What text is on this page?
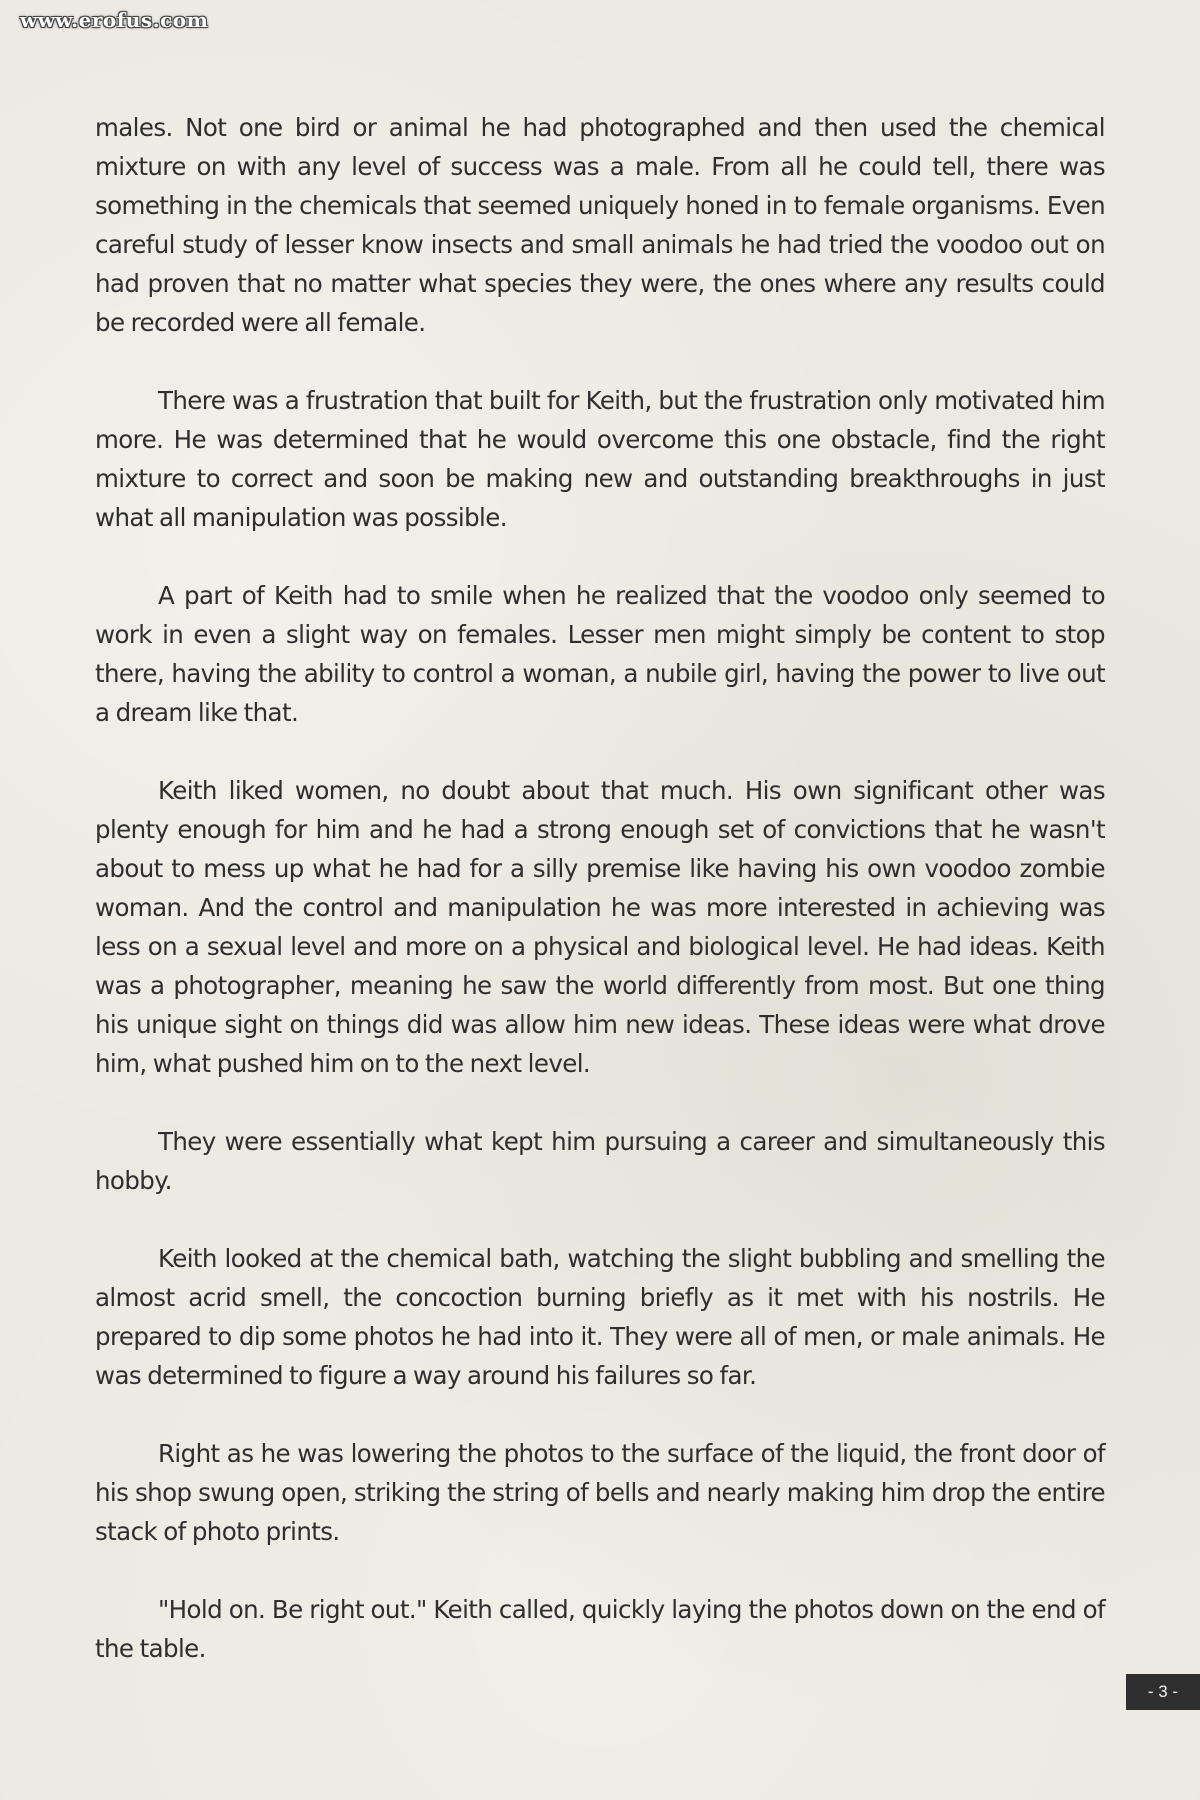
www.erofus.com

males. Not one bird or animal he had photographed and then used the chemical mixture on with any level of success was a male. From all he could tell, there was something in the chemicals that seemed uniquely honed in to female organisms. Even careful study of lesser know insects and small animals he had tried the voodoo out on had proven that no matter what species they were, the ones where any results could be recorded were all female.

There was a frustration that built for Keith, but the frustration only motivated him more. He was determined that he would overcome this one obstacle, find the right mixture to correct and soon be making new and outstanding breakthroughs in just what all manipulation was possible.

A part of Keith had to smile when he realized that the voodoo only seemed to work in even a slight way on females. Lesser men might simply be content to stop there, having the ability to control a woman, a nubile girl, having the power to live out a dream like that.

Keith liked women, no doubt about that much. His own significant other was plenty enough for him and he had a strong enough set of convictions that he wasn't about to mess up what he had for a silly premise like having his own voodoo zombie woman. And the control and manipulation he was more interested in achieving was less on a sexual level and more on a physical and biological level. He had ideas. Keith was a photographer, meaning he saw the world differently from most. But one thing his unique sight on things did was allow him new ideas. These ideas were what drove him, what pushed him on to the next level.

They were essentially what kept him pursuing a career and simultaneously this hobby.

Keith looked at the chemical bath, watching the slight bubbling and smelling the almost acrid smell, the concoction burning briefly as it met with his nostrils. He prepared to dip some photos he had into it. They were all of men, or male animals. He was determined to figure a way around his failures so far.

Right as he was lowering the photos to the surface of the liquid, the front door of his shop swung open, striking the string of bells and nearly making him drop the entire stack of photo prints.

"Hold on. Be right out." Keith called, quickly laying the photos down on the end of the table.

- 3 -
